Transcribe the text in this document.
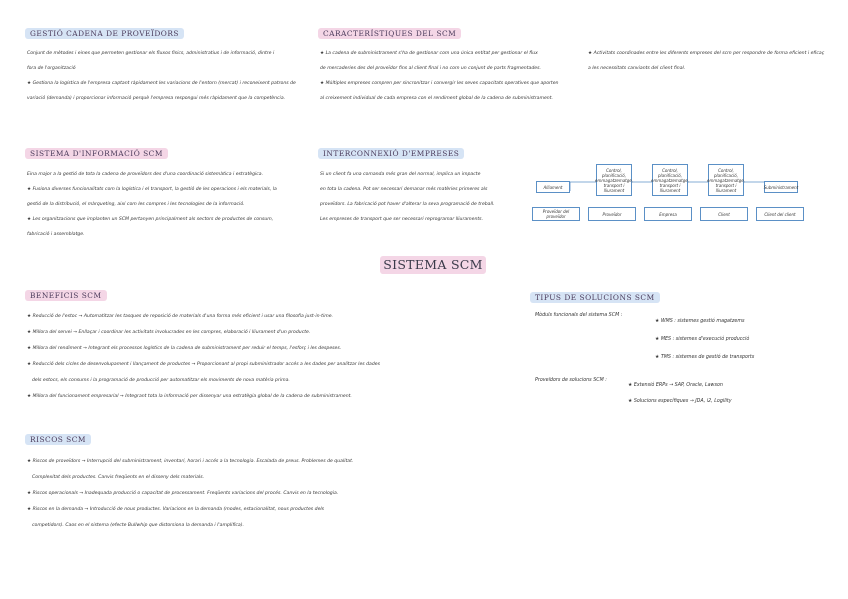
GESTIÓ CADENA DE PROVEÏDORS

Conjunt de mètodes i eines que permeten gestionar els fluxos físics, administratius i de informació, dintre i

fora de l'organització

★ Gestiona la logística de l'empresa captant ràpidament les variacions de l'entorn (mercat) i reconeixent patrons de

variació (demanda) i proporcionar informació perquè l'empresa respongui més ràpidament que la competència.

CARACTERÍSTIQUES DEL SCM

★ La cadena de subministrament s'ha de gestionar com una única entitat per gestionar el flux

de mercaderies des del proveïdor fins al client final i no com un conjunt de parts fragmentades.

★ Múltiples empreses compren per sincronitzar i convergir les seves capacitats operatives que aporten

al creixement individual de cada empresa con el rendiment global de la cadena de subministrament.

★ Activitats coordinades entre les diferents empreses del scm per respondre de forma eficient i eficaç

a les necessitats canviants del client final.

SISTEMA D'INFORMACIÓ SCM

Eina major a la gestió de tota la cadena de proveïdors des d'una coordinació sistemàtica i estratègica.

★ Fusiona diverses funcionalitats com la logística i el transport, la gestió de les operacions i els materials, la

gestió de la distribució, el màrqueting, així com les compres i les tecnologies de la informació.

★ Les organitzacions que implanten un SCM pertanyen principalment als sectors de productes de consum,

fabricació i assemblatge.

INTERCONNEXIÓ D'EMPRESES

Si un client fa una comanda més gran del normal, implica un impacte

en tota la cadena. Pot ser necessari demanar més matèries primeres als

proveïdors. La fabricació pot haver d'alterar la seva programació de treball.

Les empreses de transport que ser necessari reprogramar lliuraments.

Alliament
Control, planificació, emmagatzematge, transport i lliurament
Control, planificació, emmagatzematge, transport i lliurament
Control, planificació, emmagatzematge, transport i lliurament
Subministrament
Proveïdor del proveïdor	Proveïdor	Empresa	Client	Client del client
SISTEMA SCM
BENEFICIS SCM

★ Reducció de l'estoc → Automatitzar les tasques de reposició de materials d'una forma més eficient i usar una filosofia just-in-time.

★ Millora del servei → Enllaçar i coordinar les activitats involucrades en les compres, elaboració i lliurament d'un producte.

★ Millora del rendiment → Integrant els processos logístics de la cadena de subministrament per reduir el temps, l'esforç i les despeses.

★ Reducció dels cicles de desenvolupament i llançament de productes → Proporcionant al propi subministrador accés a les dades per analitzar les dades

dels estocs, els consums i la programació de producció per automatitzar els moviments de nova matèria prima.

★ Millora del funcionament empresarial → Integrant tota la informació per dissenyar una estratègia global de la cadena de subministrament.

TIPUS DE SOLUCIONS SCM
Mòduls funcionals del sistema SCM :
★ WMS : sistemes gestió magatzems
★ MES : sistemes d'execució producció
★ TMS : sistemes de gestió de transports
Proveïdors de solucions SCM :
★ Extensió ERPs → SAP, Oracle, Lawson
★ Solucions específiques → JDA, i2, Logility
RISCOS SCM

★ Riscos de proveïdors → Interrupció del subministrament, inventari, horari i accés a la tecnologia. Escalada de preus. Problemes de qualitat.

Complexitat dels productes. Canvis freqüents en el disseny dels materials.

★ Riscos operacionals → Inadequada producció o capacitat de processament. Freqüents variacions del procés. Canvis en la tecnologia.

★ Riscos en la demanda → Introducció de nous productes. Variacions en la demanda (modes, estacionalitat, nous productes dels

competidors). Caos en el sistema (efecte Bullwhip que distorsiona la demanda i l'amplifica).
